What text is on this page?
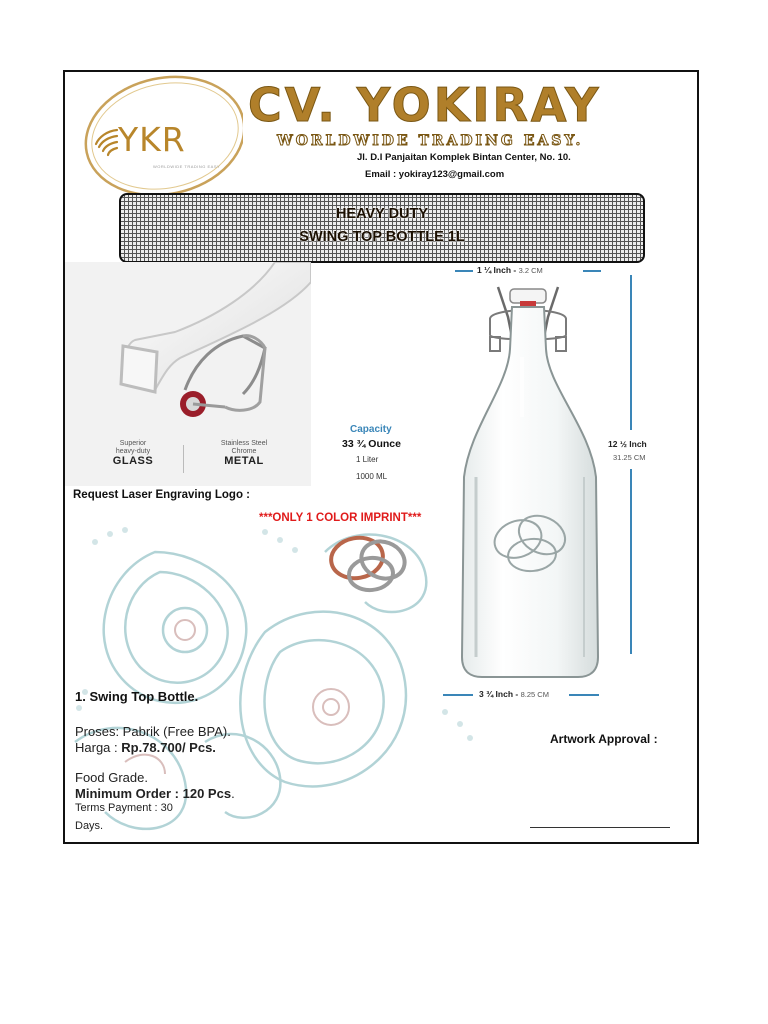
YKR
WORLDWIDE TRADING EASY
CV. YOKIRAY
WORLDWIDE TRADING EASY.
Jl. D.I Panjaitan Komplek Bintan Center, No. 10.
Email : yokiray123@gmail.com
HEAVY DUTY
SWING TOP BOTTLE 1L
Superior
heavy-duty
GLASS
Stainless Steel
Chrome
METAL
Capacity
33 ¾ Ounce
1 Liter
1000 ML
1 ¼ Inch - 3.2 CM
12 ½ Inch
31.25 CM
3 ¾ Inch - 8.25 CM
Request Laser Engraving Logo :
***ONLY 1 COLOR IMPRINT***
1. Swing Top Bottle.
Proses: Pabrik (Free BPA).
Harga : Rp.78.700/ Pcs.
Food Grade.
Minimum Order : 120 Pcs.
Terms Payment : 30
Days.
Artwork Approval :
